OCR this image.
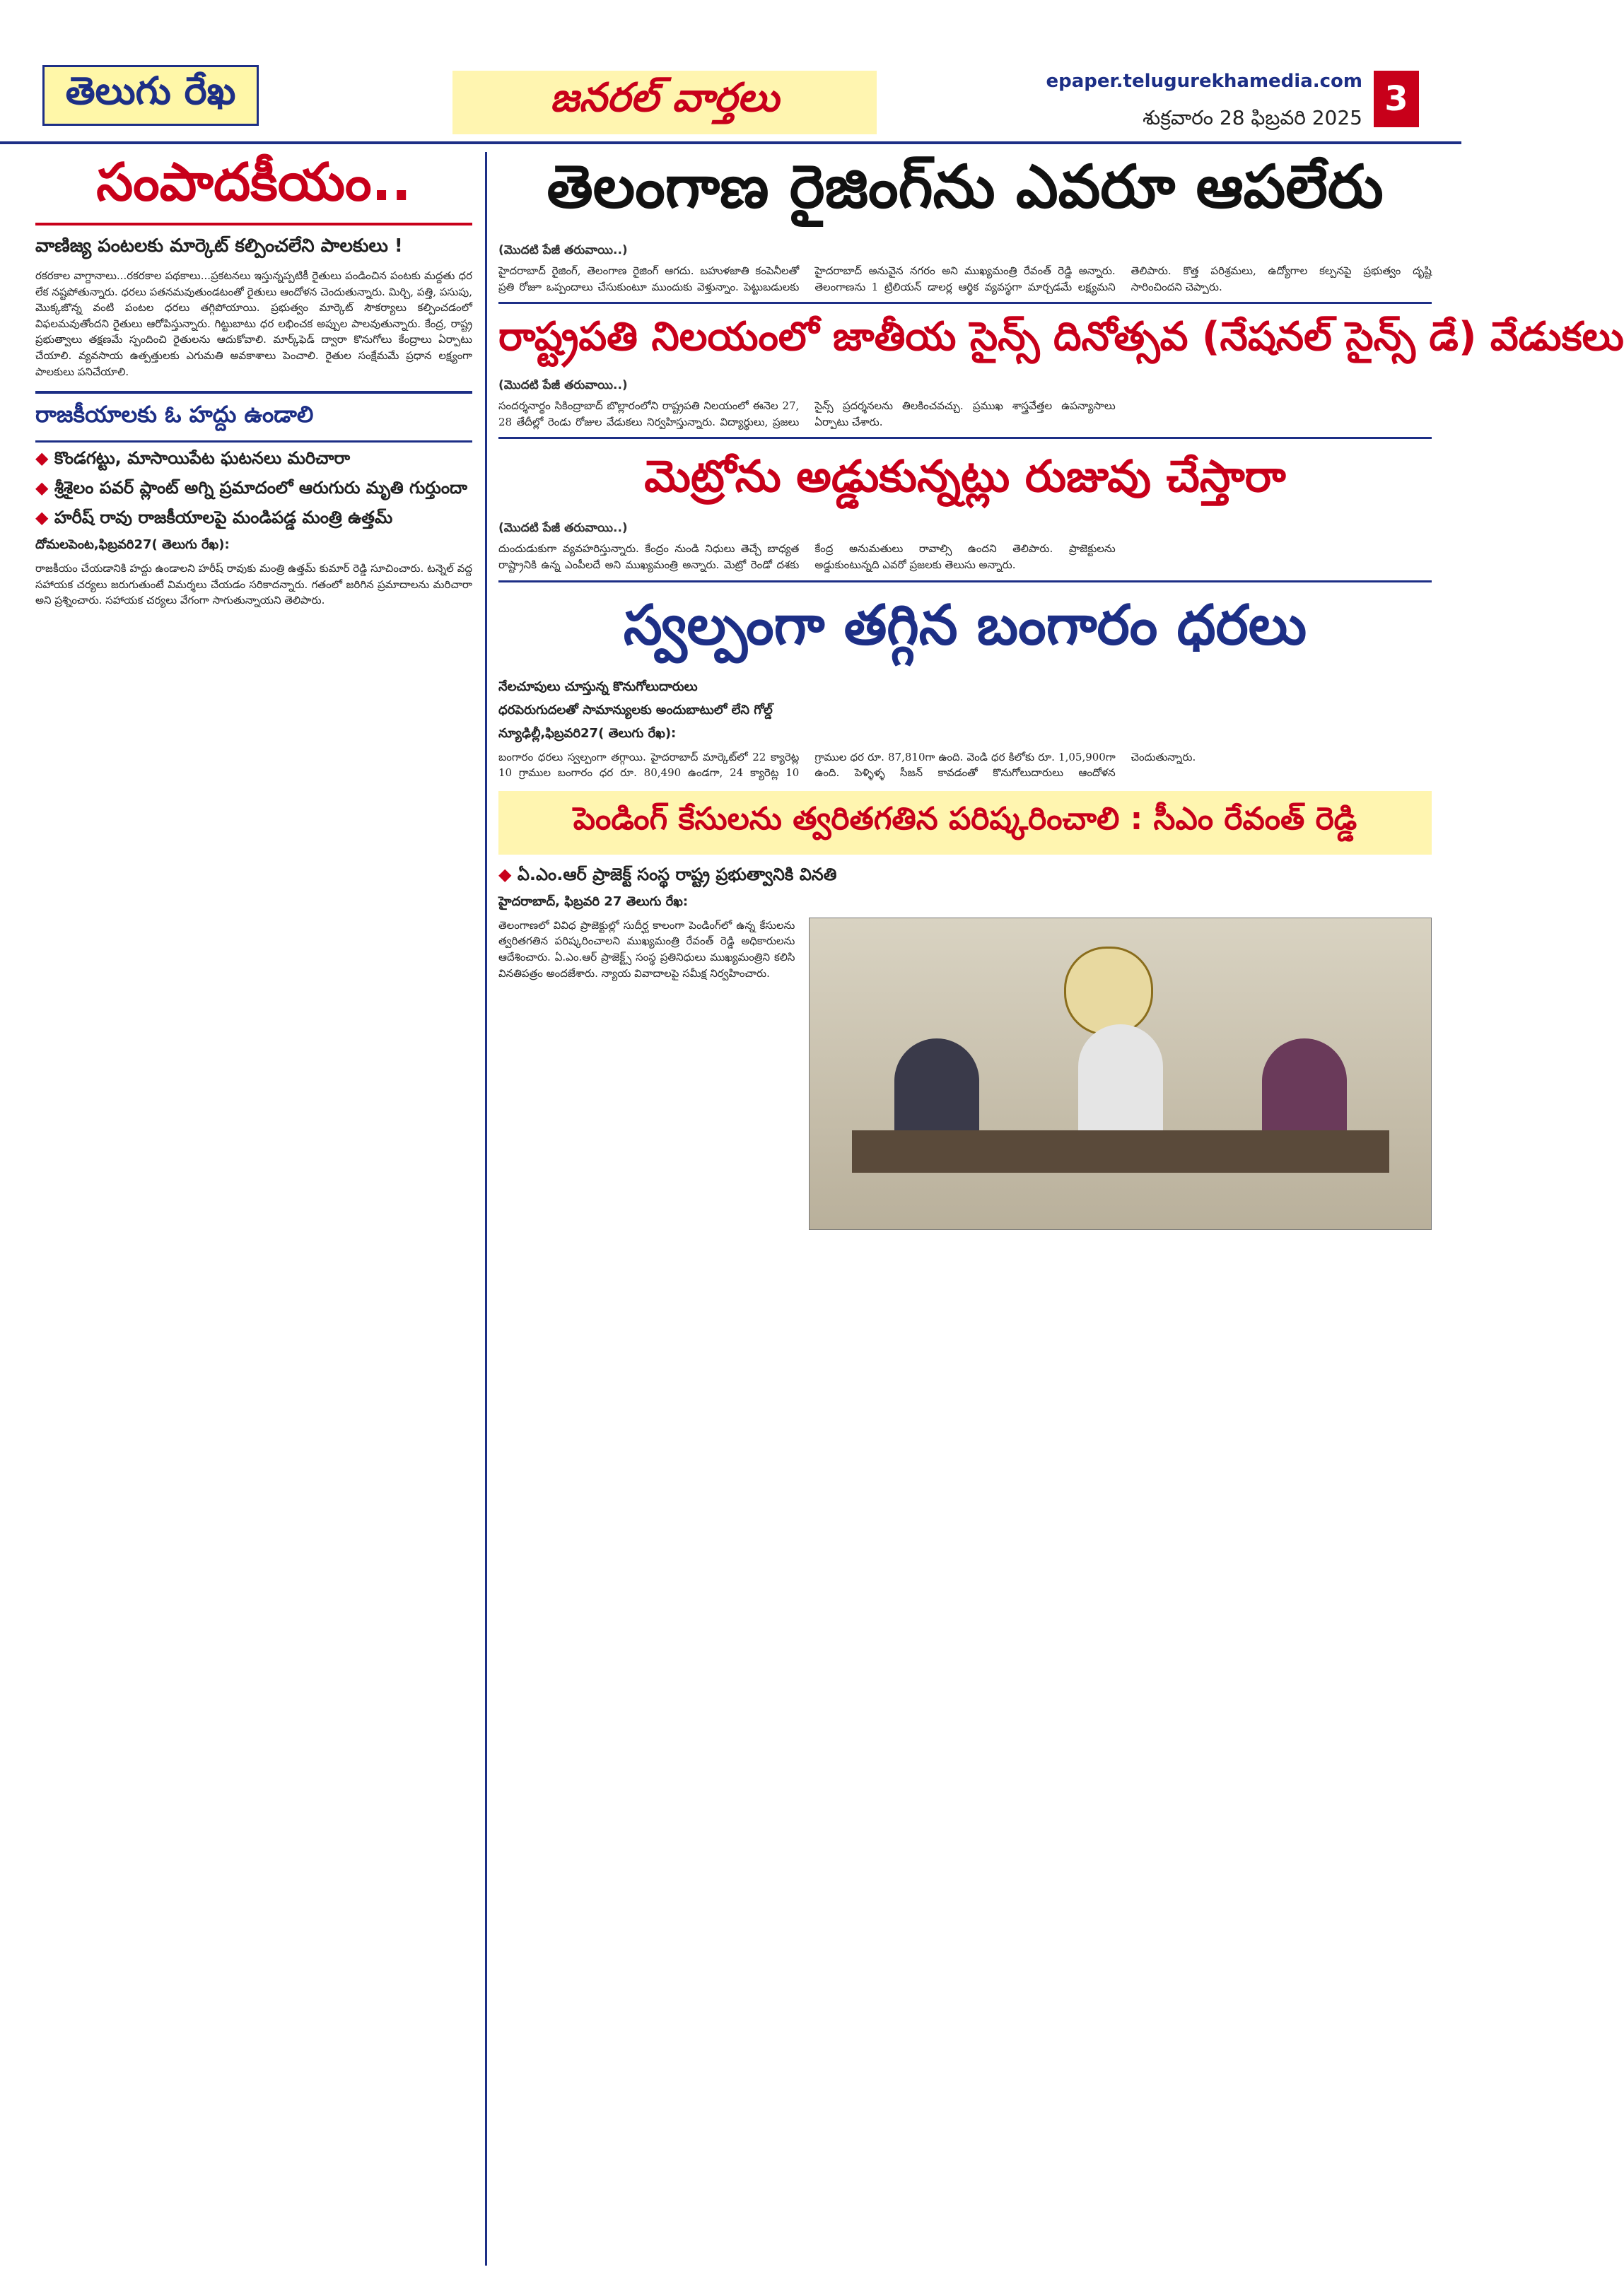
తెలుగు రేఖ	జనరల్ వార్తలు	epaper.telugurekhamedia.com
శుక్రవారం 28 ఫిబ్రవరి 2025 3
సంపాదకీయం..
వాణిజ్య పంటలకు మార్కెట్ కల్పించలేని పాలకులు !
రకరకాల వాగ్దానాలు...రకరకాల పథకాలు...ప్రకటనలు ఇస్తున్నప్పటికీ రైతులు పండించిన పంటకు మద్దతు ధర లేక నష్టపోతున్నారు. ధరలు పతనమవుతుండటంతో రైతులు ఆందోళన చెందుతున్నారు. మిర్చి, పత్తి, పసుపు, మొక్కజొన్న వంటి పంటల ధరలు తగ్గిపోయాయి. ప్రభుత్వం మార్కెట్ సౌకర్యాలు కల్పించడంలో విఫలమవుతోందని రైతులు ఆరోపిస్తున్నారు. గిట్టుబాటు ధర లభించక అప్పుల పాలవుతున్నారు. కేంద్ర, రాష్ట్ర ప్రభుత్వాలు తక్షణమే స్పందించి రైతులను ఆదుకోవాలి. మార్క్‌ఫెడ్ ద్వారా కొనుగోలు కేంద్రాలు ఏర్పాటు చేయాలి. వ్యవసాయ ఉత్పత్తులకు ఎగుమతి అవకాశాలు పెంచాలి. రైతుల సంక్షేమమే ప్రధాన లక్ష్యంగా పాలకులు పనిచేయాలి.
రాజకీయాలకు ఓ హద్దు ఉండాలి
◆ కొండగట్టు, మాసాయిపేట ఘటనలు మరిచారా
◆ శ్రీశైలం పవర్ ప్లాంట్ అగ్ని ప్రమాదంలో ఆరుగురు మృతి గుర్తుందా
◆ హరీష్ రావు రాజకీయాలపై మండిపడ్డ మంత్రి ఉత్తమ్
దోమలపెంట,ఫిబ్రవరి27( తెలుగు రేఖ):
రాజకీయం చేయడానికి హద్దు ఉండాలని హరీష్ రావుకు మంత్రి ఉత్తమ్ కుమార్ రెడ్డి సూచించారు. టన్నెల్ వద్ద సహాయక చర్యలు జరుగుతుంటే విమర్శలు చేయడం సరికాదన్నారు. గతంలో జరిగిన ప్రమాదాలను మరిచారా అని ప్రశ్నించారు. సహాయక చర్యలు వేగంగా సాగుతున్నాయని తెలిపారు.
తెలంగాణ రైజింగ్‌ను ఎవరూ ఆపలేరు
(మొదటి పేజీ తరువాయి..)
హైదరాబాద్ రైజింగ్, తెలంగాణ రైజింగ్ ఆగదు. బహుళజాతి కంపెనీలతో ప్రతి రోజూ ఒప్పందాలు చేసుకుంటూ ముందుకు వెళ్తున్నాం. పెట్టుబడులకు హైదరాబాద్ అనువైన నగరం అని ముఖ్యమంత్రి రేవంత్ రెడ్డి అన్నారు. తెలంగాణను 1 ట్రిలియన్ డాలర్ల ఆర్థిక వ్యవస్థగా మార్చడమే లక్ష్యమని తెలిపారు. కొత్త పరిశ్రమలు, ఉద్యోగాల కల్పనపై ప్రభుత్వం దృష్టి సారించిందని చెప్పారు.
రాష్ట్రపతి నిలయంలో జాతీయ సైన్స్ దినోత్సవ (నేషనల్ సైన్స్ డే) వేడుకలు
(మొదటి పేజీ తరువాయి..)
సందర్శనార్థం సికింద్రాబాద్ బొల్లారంలోని రాష్ట్రపతి నిలయంలో ఈనెల 27, 28 తేదీల్లో రెండు రోజుల వేడుకలు నిర్వహిస్తున్నారు. విద్యార్థులు, ప్రజలు సైన్స్ ప్రదర్శనలను తిలకించవచ్చు. ప్రముఖ శాస్త్రవేత్తల ఉపన్యాసాలు ఏర్పాటు చేశారు.
మెట్రోను అడ్డుకున్నట్లు రుజువు చేస్తారా
(మొదటి పేజీ తరువాయి..)
దుందుడుకుగా వ్యవహరిస్తున్నారు. కేంద్రం నుండి నిధులు తెచ్చే బాధ్యత రాష్ట్రానికి ఉన్న ఎంపీలదే అని ముఖ్యమంత్రి అన్నారు. మెట్రో రెండో దశకు కేంద్ర అనుమతులు రావాల్సి ఉందని తెలిపారు. ప్రాజెక్టులను అడ్డుకుంటున్నది ఎవరో ప్రజలకు తెలుసు అన్నారు.
స్వల్పంగా తగ్గిన బంగారం ధరలు
నేలచూపులు చూస్తున్న కొనుగోలుదారులు
ధరపెరుగుదలతో సామాన్యులకు అందుబాటులో లేని గోల్డ్
న్యూఢిల్లీ,ఫిబ్రవరి27( తెలుగు రేఖ):
బంగారం ధరలు స్వల్పంగా తగ్గాయి. హైదరాబాద్ మార్కెట్‌లో 22 క్యారెట్ల 10 గ్రాముల బంగారం ధర రూ. 80,490 ఉండగా, 24 క్యారెట్ల 10 గ్రాముల ధర రూ. 87,810గా ఉంది. వెండి ధర కిలోకు రూ. 1,05,900గా ఉంది. పెళ్ళిళ్ళ సీజన్ కావడంతో కొనుగోలుదారులు ఆందోళన చెందుతున్నారు.
పెండింగ్ కేసులను త్వరితగతిన పరిష్కరించాలి : సీఎం రేవంత్ రెడ్డి
◆ ఏ.ఎం.ఆర్ ప్రాజెక్ట్ సంస్థ రాష్ట్ర ప్రభుత్వానికి వినతి
హైదరాబాద్, ఫిబ్రవరి 27 తెలుగు రేఖ:
తెలంగాణలో వివిధ ప్రాజెక్టుల్లో సుదీర్ఘ కాలంగా పెండింగ్‌లో ఉన్న కేసులను త్వరితగతిన పరిష్కరించాలని ముఖ్యమంత్రి రేవంత్ రెడ్డి అధికారులను ఆదేశించారు. ఏ.ఎం.ఆర్ ప్రాజెక్ట్స్ సంస్థ ప్రతినిధులు ముఖ్యమంత్రిని కలిసి వినతిపత్రం అందజేశారు. న్యాయ వివాదాలపై సమీక్ష నిర్వహించారు.
